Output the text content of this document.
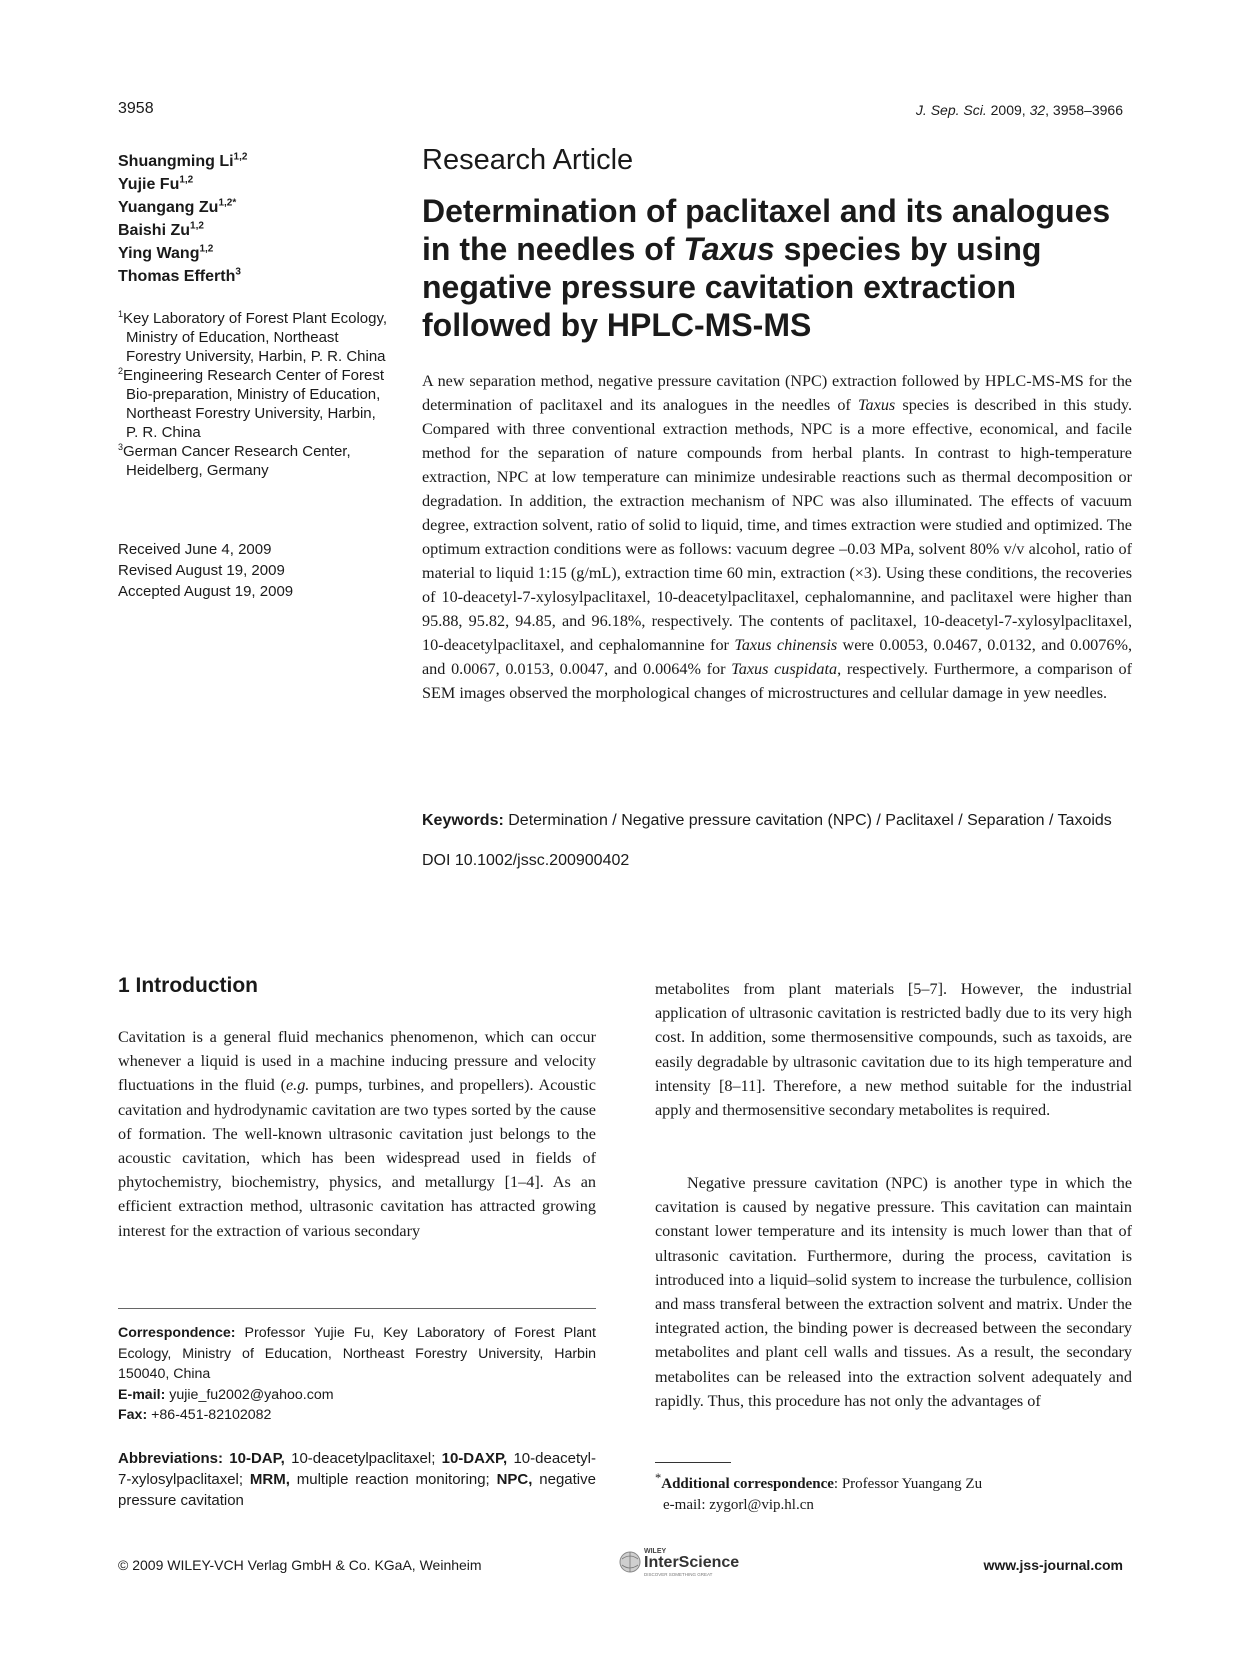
3958	J. Sep. Sci. 2009, 32, 3958–3966
Shuangming Li$^{1,2}$
Yujie Fu$^{1,2}$
Yuangang $Zu^{1,2*}$
Baishi Zu$^{1,2}$
Ying Wang$^{1,2}$
Thomas Efferth$^3$
$^1$Key Laboratory of Forest Plant Ecology, Ministry of Education, Northeast Forestry University, Harbin, P. R. China
$^2$Engineering Research Center of Forest Bio-preparation, Ministry of Education, Northeast Forestry University, Harbin, P. R. China
$^3$German Cancer Research Center, Heidelberg, Germany
Received June 4, 2009
Revised August 19, 2009
Accepted August 19, 2009
Research Article
Determination of paclitaxel and its analogues in the needles of Taxus species by using negative pressure cavitation extraction followed by HPLC-MS-MS

A new separation method, negative pressure cavitation (NPC) extraction followed by HPLC-MS-MS for the determination of paclitaxel and its analogues in the needles of Taxus species is described in this study. Compared with three conventional extraction methods, NPC is a more effective, economical, and facile method for the separation of nature compounds from herbal plants. In contrast to high-temperature extraction, NPC at low temperature can minimize undesirable reactions such as thermal decomposition or degradation. In addition, the extraction mechanism of NPC was also illuminated. The effects of vacuum degree, extraction solvent, ratio of solid to liquid, time, and times extraction were studied and optimized. The optimum extraction conditions were as follows: vacuum degree –0.03 MPa, solvent 80% v/v alcohol, ratio of material to liquid 1:15 (g/mL), extraction time 60 min, extraction (×3). Using these conditions, the recoveries of 10-deacetyl-7-xylosylpaclitaxel, 10-deacetylpaclitaxel, cephalomannine, and paclitaxel were higher than 95.88, 95.82, 94.85, and 96.18%, respectively. The contents of paclitaxel, 10-deacetyl-7-xylosylpaclitaxel, 10-deacetylpaclitaxel, and cephalomannine for Taxus chinensis were 0.0053, 0.0467, 0.0132, and 0.0076%, and 0.0067, 0.0153, 0.0047, and 0.0064% for Taxus cuspidata, respectively. Furthermore, a comparison of SEM images observed the morphological changes of microstructures and cellular damage in yew needles.

Keywords: Determination / Negative pressure cavitation (NPC) / Paclitaxel / Separation / Taxoids
DOI 10.1002/jssc.200900402
1 Introduction

Cavitation is a general fluid mechanics phenomenon, which can occur whenever a liquid is used in a machine inducing pressure and velocity fluctuations in the fluid (e.g. pumps, turbines, and propellers). Acoustic cavitation and hydrodynamic cavitation are two types sorted by the cause of formation. The well-known ultrasonic cavitation just belongs to the acoustic cavitation, which has been widespread used in fields of phytochemistry, biochemistry, physics, and metallurgy [1–4]. As an efficient extraction method, ultrasonic cavitation has attracted growing interest for the extraction of various secondary

Correspondence: Professor Yujie Fu, Key Laboratory of Forest Plant Ecology, Ministry of Education, Northeast Forestry University, Harbin 150040, China
E-mail: yujie_fu2002@yahoo.com
Fax: +86-451-82102082
Abbreviations: 10-DAP, 10-deacetylpaclitaxel; 10-DAXP, 10-deacetyl-7-xylosylpaclitaxel; MRM, multiple reaction monitoring; NPC, negative pressure cavitation

metabolites from plant materials [5–7]. However, the industrial application of ultrasonic cavitation is restricted badly due to its very high cost. In addition, some thermosensitive compounds, such as taxoids, are easily degradable by ultrasonic cavitation due to its high temperature and intensity [8–11]. Therefore, a new method suitable for the industrial apply and thermosensitive secondary metabolites is required.

Negative pressure cavitation (NPC) is another type in which the cavitation is caused by negative pressure. This cavitation can maintain constant lower temperature and its intensity is much lower than that of ultrasonic cavitation. Furthermore, during the process, cavitation is introduced into a liquid–solid system to increase the turbulence, collision and mass transferal between the extraction solvent and matrix. Under the integrated action, the binding power is decreased between the secondary metabolites and plant cell walls and tissues. As a result, the secondary metabolites can be released into the extraction solvent adequately and rapidly. Thus, this procedure has not only the advantages of

*Additional correspondence: Professor Yuangang Zu
e-mail: zygorl@vip.hl.cn
© 2009 WILEY-VCH Verlag GmbH & Co. KGaA, Weinheim
WILEY
InterScience
DISCOVER SOMETHING GREAT
www.jss-journal.com
